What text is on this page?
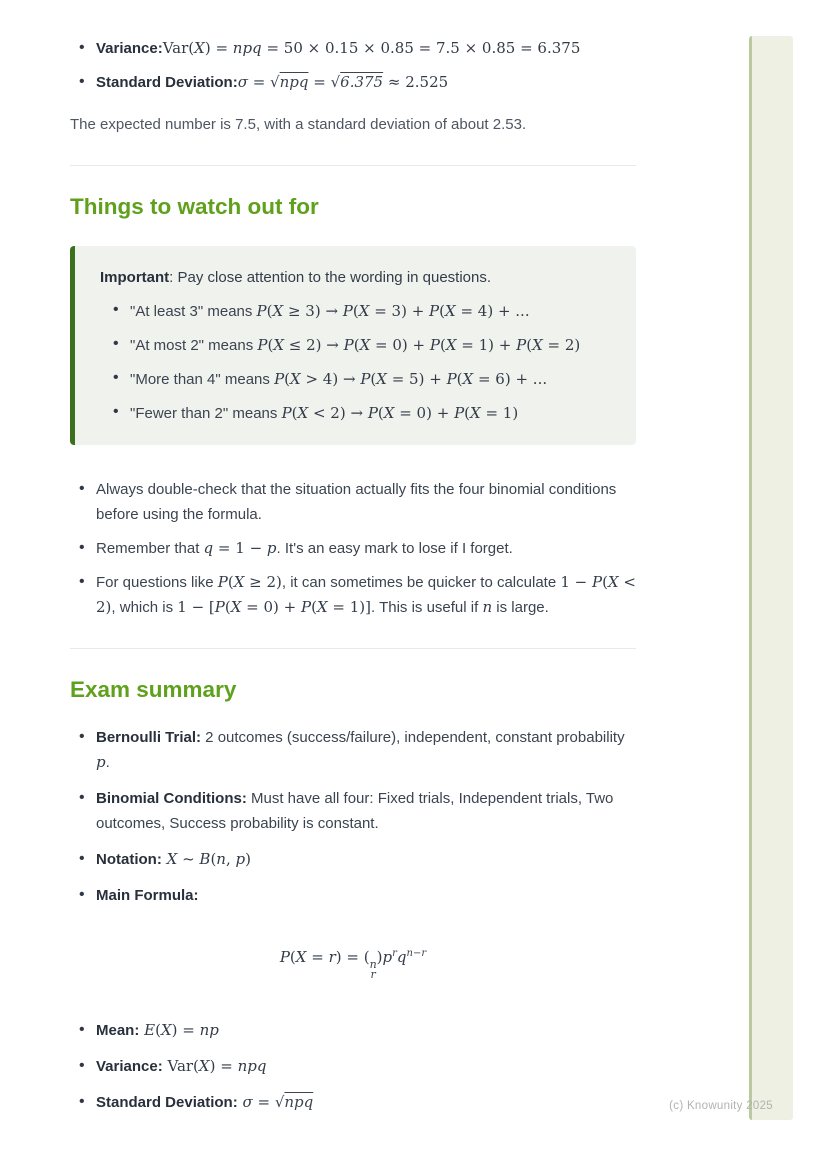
• Variance:Var(X) = npq = 50 × 0.15 × 0.85 = 7.5 × 0.85 = 6.375
• Standard Deviation:σ = √ $\overline{npq}$ = √ 6.375 ≈ 2.525

The expected number is 7.5, with a standard deviation of about 2.53.

Things to watch out for

Important: Pay close attention to the wording in questions.

• "At least 3" means P(X ≥ 3) → P(X = 3) + P(X = 4) + ...
• "At most 2" means P(X ≤ 2) → P(X = 0) + P(X = 1) + P(X = 2)
• "More than 4" means P(X > 4) → P(X = 5) + P(X = 6) + ...
• "Fewer than 2" means P(X < 2) → P(X = 0) + P(X = 1)
• Always double-check that the situation actually fits the four binomial conditions before using the formula.
• Remember that q = 1 − p. It's an easy mark to lose if I forget.
• For questions like P(X ≥ 2), it can sometimes be quicker to calculate 1 − P(X < 2), which is 1 − [P(X = 0) + P(X = 1)]. This is useful if n is large.
Exam summary
• Bernoulli Trial: 2 outcomes (success/failure), independent, constant probability p.
• Binomial Conditions: Must have all four: Fixed trials, Independent trials, Two outcomes, Success probability is constant.
• Notation: X ~ B(n, p)
• Main Formula:
P(X = r) = ( n
r
)$p^rq^{n-r}$
• Mean: E(X) = np
• Variance: Var(X) = npq
• Standard Deviation: σ = √ $\overline{npq}$	(c) Knowunity 2025
